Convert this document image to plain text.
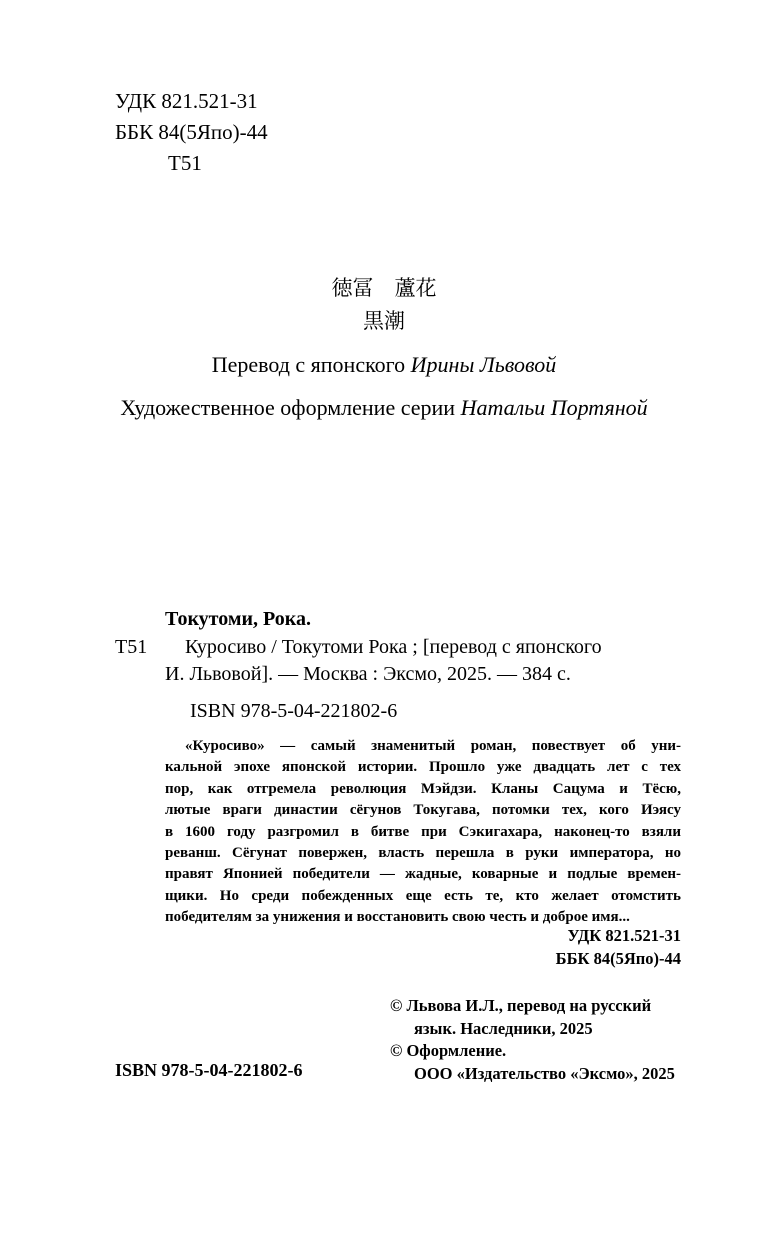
УДК 821.521-31
ББК 84(5Япо)-44
Т51
徳冨　蘆花
黒潮
Перевод с японского Ирины Львовой
Художественное оформление серии Натальи Портяной
Токутоми, Рока.
Т51 Куросиво / Токутоми Рока ; [перевод с японского
И. Львовой]. — Москва : Эксмо, 2025. — 384 с.
ISBN 978-5-04-221802-6
«Куросиво» — самый знаменитый роман, повествует об уни-
кальной эпохе японской истории. Прошло уже двадцать лет с тех
пор, как отгремела революция Мэйдзи. Кланы Сацума и Тёсю,
лютые враги династии сёгунов Токугава, потомки тех, кого Иэясу
в 1600 году разгромил в битве при Сэкигахара, наконец-то взяли
реванш. Сёгунат повержен, власть перешла в руки императора, но
правят Японией победители — жадные, коварные и подлые времен-
щики. Но среди побежденных еще есть те, кто желает отомстить
победителям за унижения и восстановить свою честь и доброе имя...
УДК 821.521-31
ББК 84(5Япо)-44
© Львова И.Л., перевод на русский
язык. Наследники, 2025
© Оформление.
ООО «Издательство «Эксмо», 2025
ISBN 978-5-04-221802-6
